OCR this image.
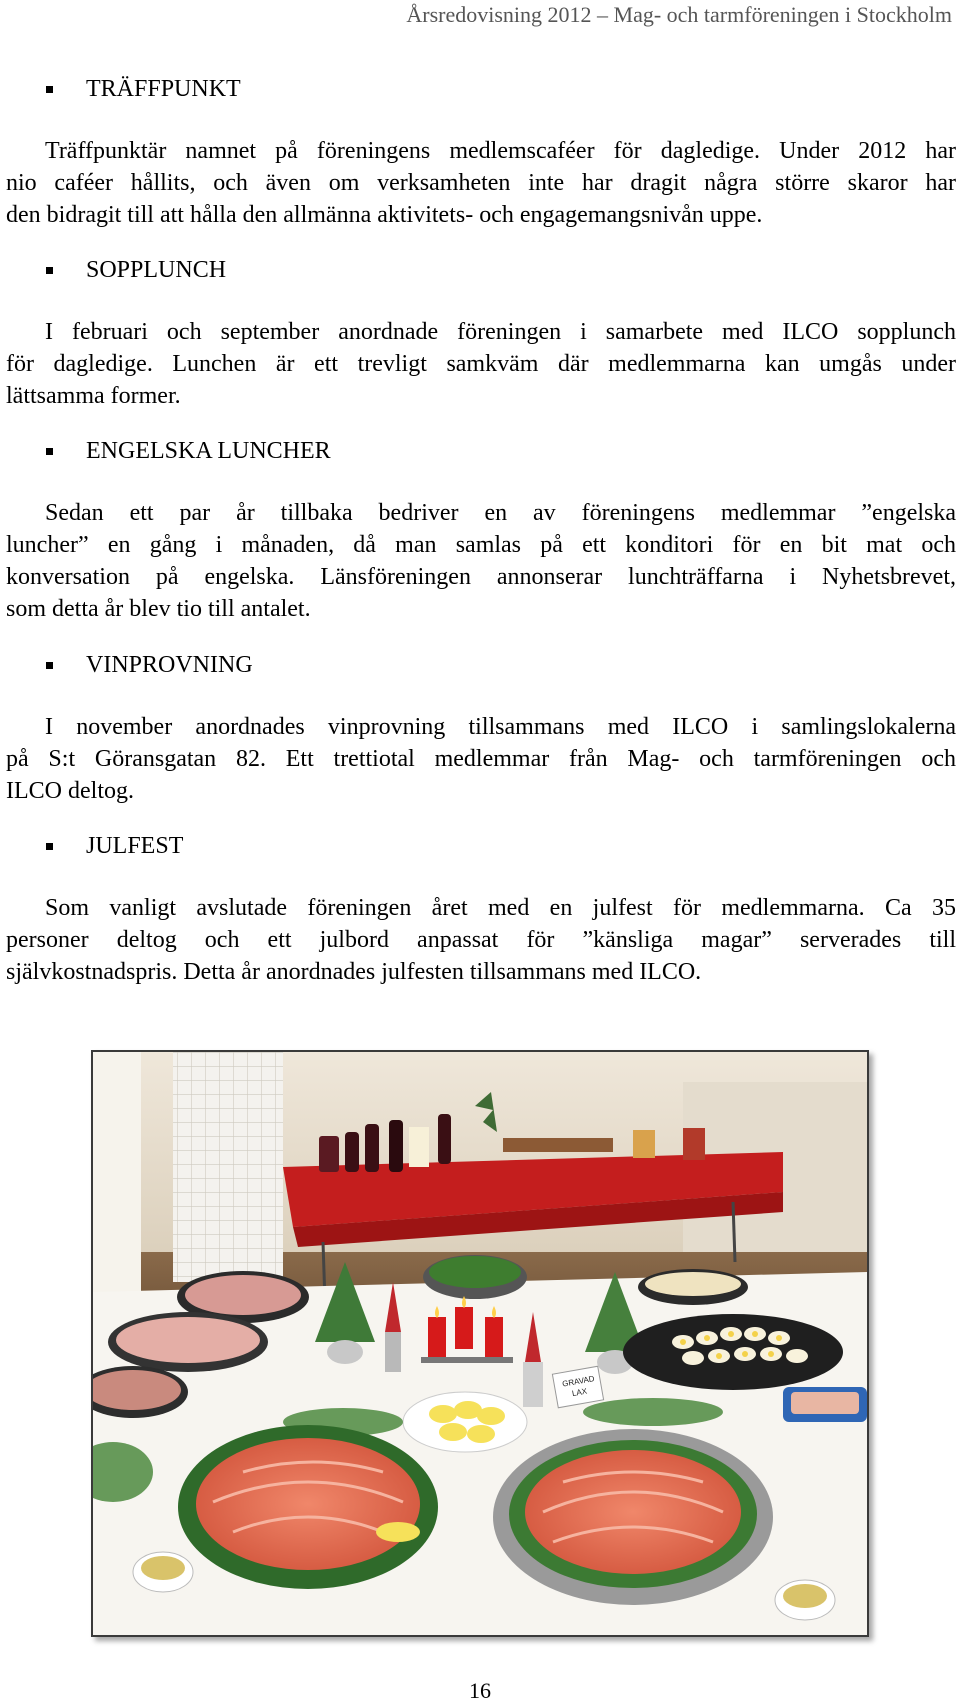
Årsredovisning 2012 – Mag- och tarmföreningen i Stockholm
TRÄFFPUNKT
Träffpunktär namnet på föreningens medlemscaféer för dagledige. Under 2012 har
nio caféer hållits, och även om verksamheten inte har dragit några större skaror har
den bidragit till att hålla den allmänna aktivitets- och engagemangsnivån uppe.
SOPPLUNCH
I februari och september anordnade föreningen i samarbete med ILCO sopplunch
för dagledige. Lunchen är ett trevligt samkväm där medlemmarna kan umgås under
lättsamma former.
ENGELSKA LUNCHER
Sedan ett par år tillbaka bedriver en av föreningens medlemmar ”engelska
luncher” en gång i månaden, då man samlas på ett konditori för en bit mat och
konversation på engelska. Länsföreningen annonserar lunchträffarna i Nyhetsbrevet,
som detta år blev tio till antalet.
VINPROVNING
I november anordnades vinprovning tillsammans med ILCO i samlingslokalerna
på S:t Göransgatan 82. Ett trettiotal medlemmar från Mag- och tarmföreningen och
ILCO deltog.
JULFEST
Som vanligt avslutade föreningen året med en julfest för medlemmarna. Ca 35
personer deltog och ett julbord anpassat för ”känsliga magar” serverades till
självkostnadspris. Detta år anordnades julfesten tillsammans med ILCO.
GRAVAD
LAX
16
